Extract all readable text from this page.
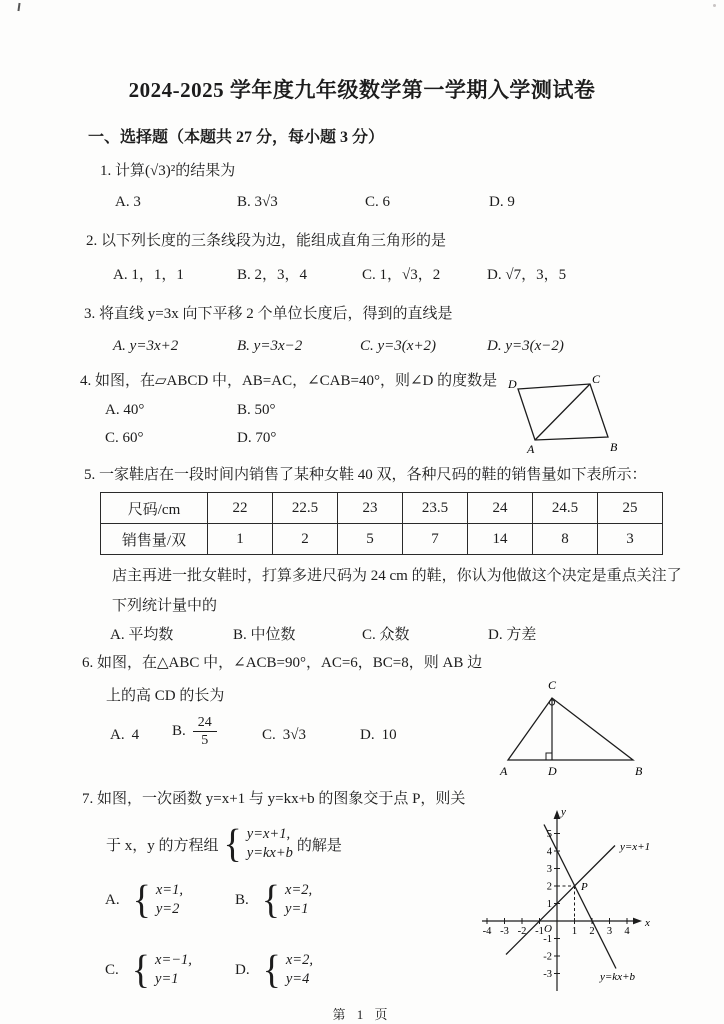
2024-2025 学年度九年级数学第一学期入学测试卷
一、选择题（本题共 27 分，每小题 3 分）
1. 计算(√3)²的结果为
A. 3	B. 3√3	C. 6	D. 9
2. 以下列长度的三条线段为边，能组成直角三角形的是
A. 1，1，1	B. 2，3，4	C. 1，√3，2	D. √7，3，5
3. 将直线 y=3x 向下平移 2 个单位长度后，得到的直线是
A. y=3x+2	B. y=3x−2	C. y=3(x+2)	D. y=3(x−2)
4. 如图，在▱ABCD 中，AB=AC，∠CAB=40°，则∠D 的度数是
A. 40°	B. 50°
C. 60°	D. 70°
D	C
A	B
5. 一家鞋店在一段时间内销售了某种女鞋 40 双，各种尺码的鞋的销售量如下表所示：
尺码/cm	22	22.5	23	23.5	24	24.5	25
销售量/双	1	2	5	7	14	8	3
店主再进一批女鞋时，打算多进尺码为 24 cm 的鞋，你认为他做这个决定是重点关注了
下列统计量中的
A. 平均数	B. 中位数	C. 众数	D. 方差
6. 如图，在△ABC 中，∠ACB=90°，AC=6，BC=8，则 AB 边
上的高 CD 的长为
A. 4 B. $\frac{24}{5}$	C. 3√3	D. 10
C
A	D	B
7. 如图，一次函数 y=x+1 与 y=kx+b 的图象交于点 P，则关
于 x，y 的方程组 { y=x+1,
y=kx+b 的解是
A. { x=1,
y=2
B. { x=2,
y=1
C. { x=−1,
y=1
D. { x=2,
y=4
-4 -3 -2 -1	1 2 3 4
5
4
3
2
1
-1
-2
-3
y=x+1
y=kx+b
P
O	x
y
第 1 页
